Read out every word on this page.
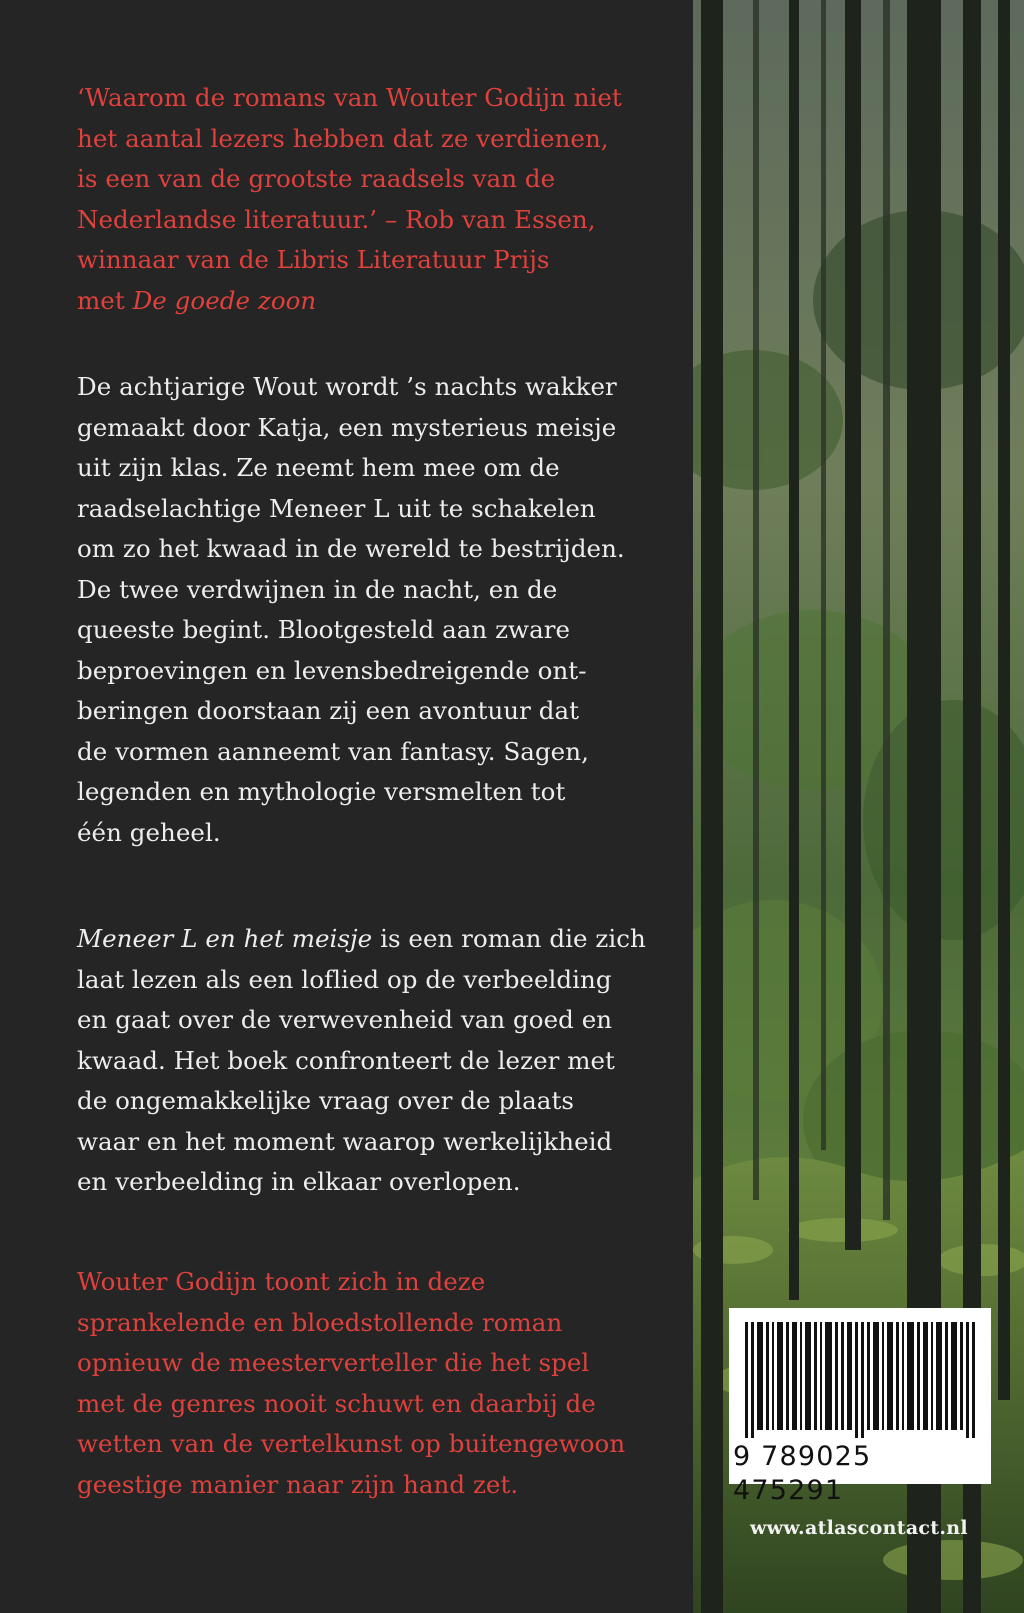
‘Waarom de romans van Wouter Godijn niet
het aantal lezers hebben dat ze verdienen,
is een van de grootste raadsels van de
Nederlandse literatuur.’ – Rob van Essen,
winnaar van de Libris Literatuur Prijs
met De goede zoon

De achtjarige Wout wordt ’s nachts wakker
gemaakt door Katja, een mysterieus meisje
uit zijn klas. Ze neemt hem mee om de
raadselachtige Meneer L uit te schakelen
om zo het kwaad in de wereld te bestrijden.
De twee verdwijnen in de nacht, en de
queeste begint. Blootgesteld aan zware
beproevingen en levensbedreigende ont-
beringen doorstaan zij een avontuur dat
de vormen aanneemt van fantasy. Sagen,
legenden en mythologie versmelten tot
één geheel.

Meneer L en het meisje is een roman die zich
laat lezen als een loflied op de verbeelding
en gaat over de verwevenheid van goed en
kwaad. Het boek confronteert de lezer met
de ongemakkelijke vraag over de plaats
waar en het moment waarop werkelijkheid
en verbeelding in elkaar overlopen.

Wouter Godijn toont zich in deze
sprankelende en bloedstollende roman
opnieuw de meesterverteller die het spel
met de genres nooit schuwt en daarbij de
wetten van de vertelkunst op buitengewoon
geestige manier naar zijn hand zet.

9 789025 475291
www.atlascontact.nl
